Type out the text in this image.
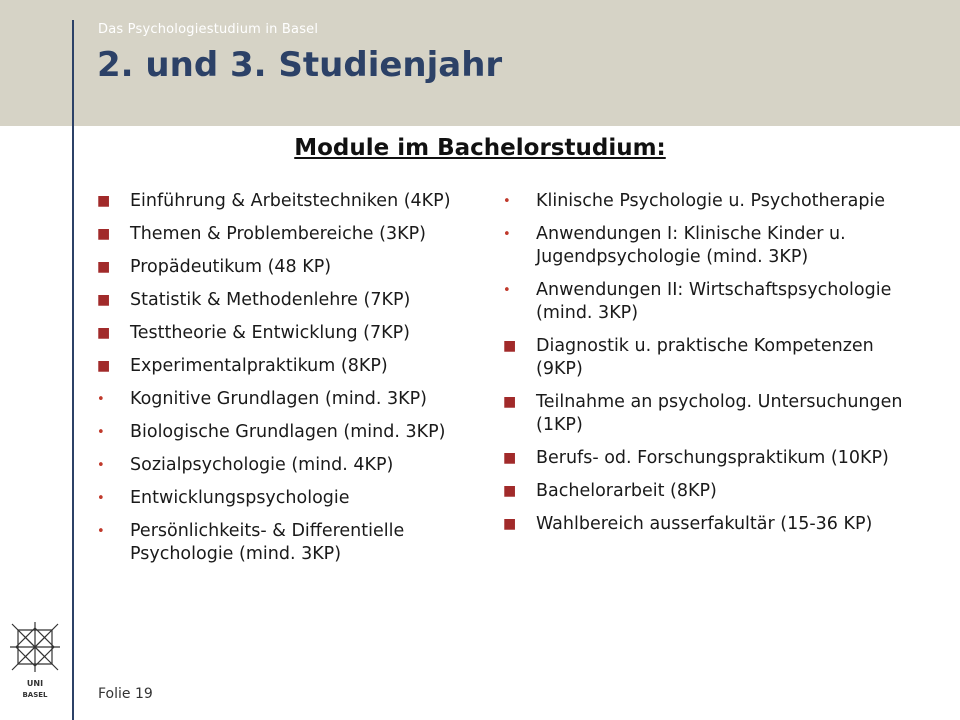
Das Psychologiestudium in Basel
2. und 3. Studienjahr
Module im Bachelorstudium:
■	Einführung & Arbeitstechniken (4KP)
■	Themen & Problembereiche (3KP)
■	Propädeutikum (48 KP)
■	Statistik & Methodenlehre (7KP)
■	Testtheorie & Entwicklung (7KP)
■	Experimentalpraktikum (8KP)
•	Kognitive Grundlagen (mind. 3KP)
•	Biologische Grundlagen (mind. 3KP)
•	Sozialpsychologie (mind. 4KP)
•	Entwicklungspsychologie
•	Persönlichkeits- & Differentielle Psychologie (mind. 3KP)
•	Klinische Psychologie u. Psychotherapie
•	Anwendungen I: Klinische Kinder u. Jugendpsychologie (mind. 3KP)
•	Anwendungen II: Wirtschaftspsychologie (mind. 3KP)
■	Diagnostik u. praktische Kompetenzen (9KP)
■	Teilnahme an psycholog. Untersuchungen (1KP)
■	Berufs- od. Forschungspraktikum (10KP)
■	Bachelorarbeit (8KP)
■	Wahlbereich ausserfakultär (15-36 KP)
UNI
BASEL	Folie 19
